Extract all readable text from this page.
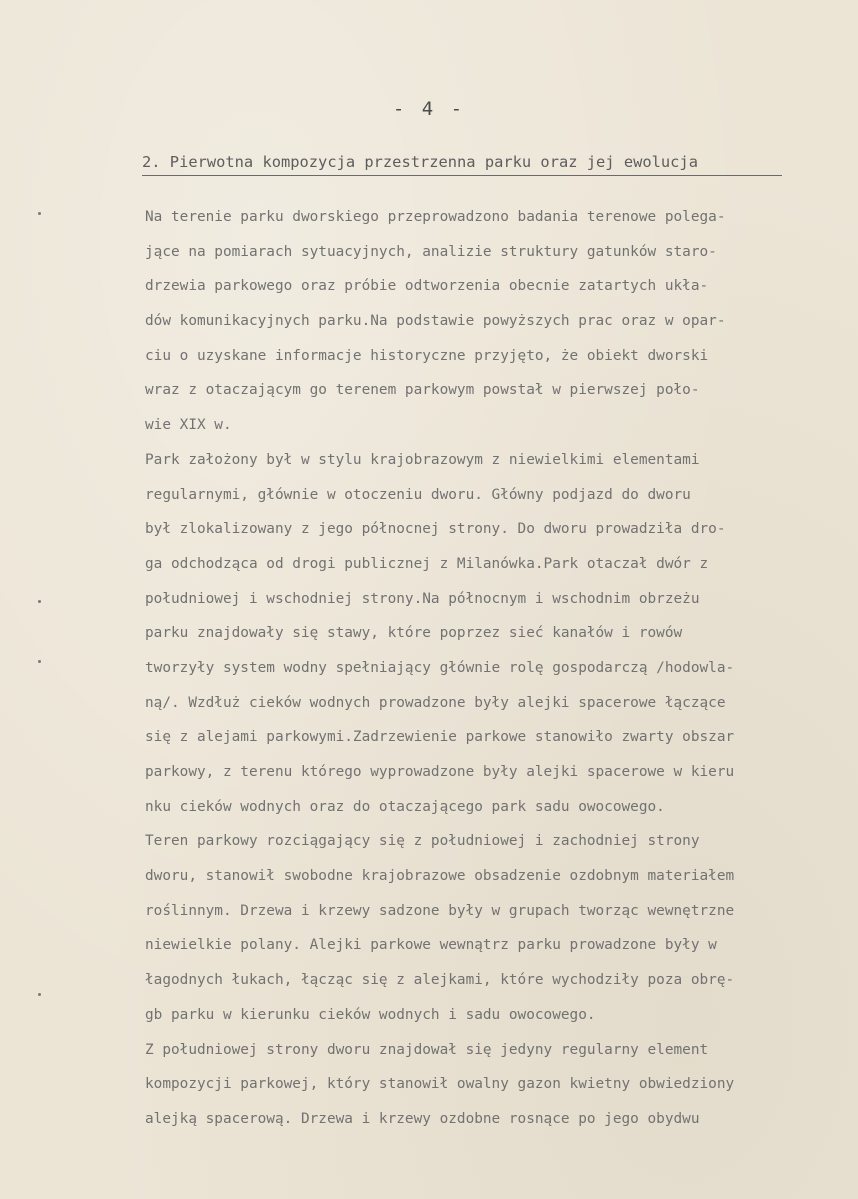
- 4 -
2. Pierwotna kompozycja przestrzenna parku oraz jej ewolucja
Na terenie parku dworskiego przeprowadzono badania terenowe polega-
jące na pomiarach sytuacyjnych, analizie struktury gatunków staro-
drzewia parkowego oraz próbie odtworzenia obecnie zatartych ukła-
dów komunikacyjnych parku.Na podstawie powyższych prac oraz w opar-
ciu o uzyskane informacje historyczne przyjęto, że obiekt dworski
wraz z otaczającym go terenem parkowym powstał w pierwszej poło-
wie XIX w.
Park założony był w stylu krajobrazowym z niewielkimi elementami
regularnymi, głównie w otoczeniu dworu. Główny podjazd do dworu
był zlokalizowany z jego północnej strony. Do dworu prowadziła dro-
ga odchodząca od drogi publicznej z Milanówka.Park otaczał dwór z
południowej i wschodniej strony.Na północnym i wschodnim obrzeżu
parku znajdowały się stawy, które poprzez sieć kanałów i rowów
tworzyły system wodny spełniający głównie rolę gospodarczą /hodowla-
ną/. Wzdłuż cieków wodnych prowadzone były alejki spacerowe łączące
się z alejami parkowymi.Zadrzewienie parkowe stanowiło zwarty obszar
parkowy, z terenu którego wyprowadzone były alejki spacerowe w kieru
nku cieków wodnych oraz do otaczającego park sadu owocowego.
Teren parkowy rozciągający się z południowej i zachodniej strony
dworu, stanowił swobodne krajobrazowe obsadzenie ozdobnym materiałem
roślinnym. Drzewa i krzewy sadzone były w grupach tworząc wewnętrzne
niewielkie polany. Alejki parkowe wewnątrz parku prowadzone były w
łagodnych łukach, łącząc się z alejkami, które wychodziły poza obrę-
gb parku w kierunku cieków wodnych i sadu owocowego.
Z południowej strony dworu znajdował się jedyny regularny element
kompozycji parkowej, który stanowił owalny gazon kwietny obwiedziony
alejką spacerową. Drzewa i krzewy ozdobne rosnące po jego obydwu
